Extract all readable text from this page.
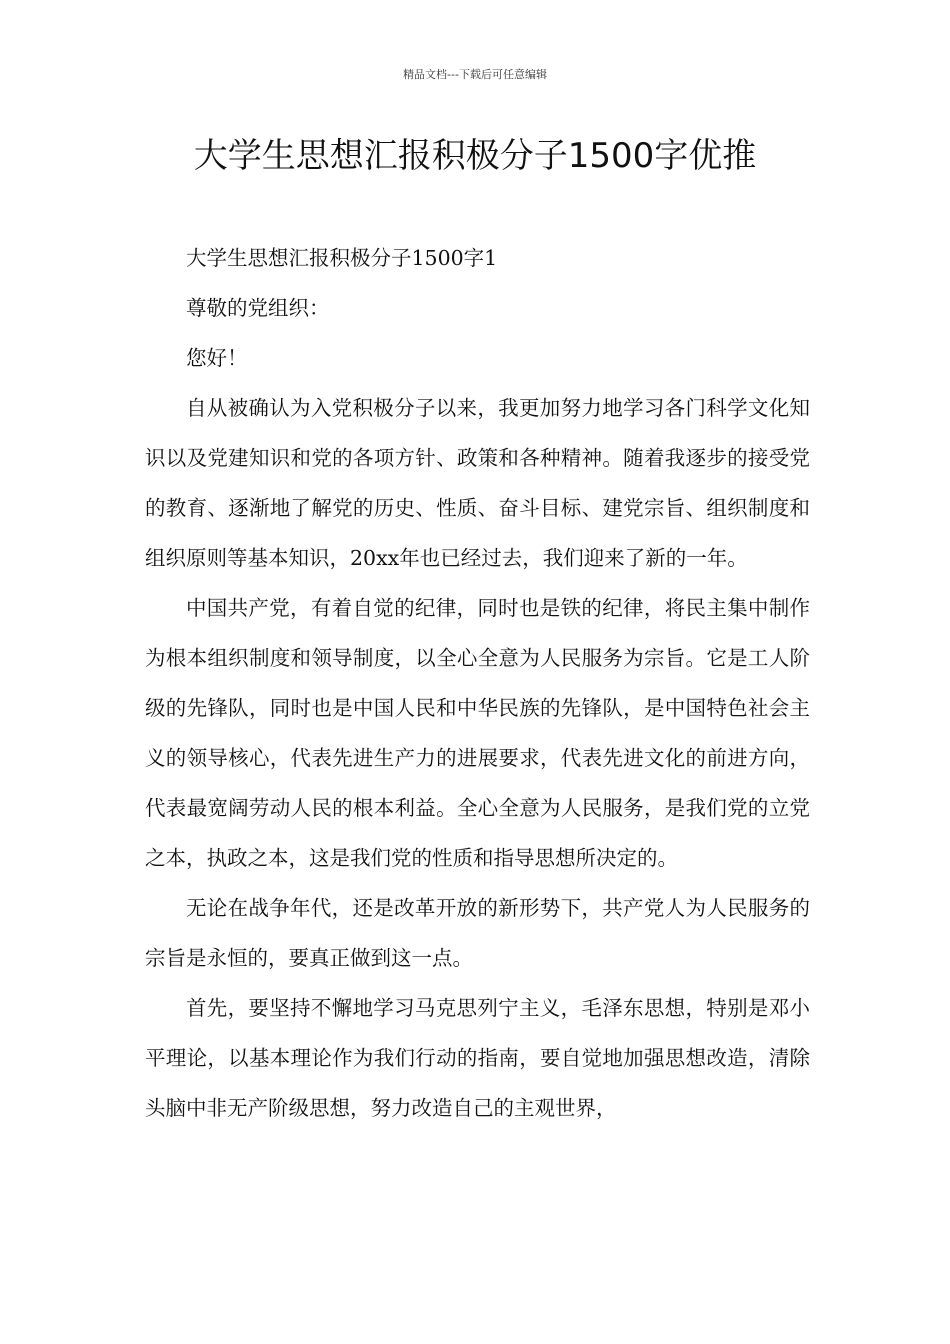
精品文档---下载后可任意编辑
大学生思想汇报积极分子1500字优推

大学生思想汇报积极分子1500字1

尊敬的党组织：

您好！

自从被确认为入党积极分子以来，我更加努力地学习各门科学文化知识以及党建知识和党的各项方针、政策和各种精神。随着我逐步的接受党的教育、逐渐地了解党的历史、性质、奋斗目标、建党宗旨、组织制度和组织原则等基本知识，20xx年也已经过去，我们迎来了新的一年。

中国共产党，有着自觉的纪律，同时也是铁的纪律，将民主集中制作为根本组织制度和领导制度，以全心全意为人民服务为宗旨。它是工人阶级的先锋队，同时也是中国人民和中华民族的先锋队，是中国特色社会主义的领导核心，代表先进生产力的进展要求，代表先进文化的前进方向，代表最宽阔劳动人民的根本利益。全心全意为人民服务，是我们党的立党之本，执政之本，这是我们党的性质和指导思想所决定的。

无论在战争年代，还是改革开放的新形势下，共产党人为人民服务的宗旨是永恒的，要真正做到这一点。

首先，要坚持不懈地学习马克思列宁主义，毛泽东思想，特别是邓小平理论，以基本理论作为我们行动的指南，要自觉地加强思想改造，清除头脑中非无产阶级思想，努力改造自己的主观世界，
